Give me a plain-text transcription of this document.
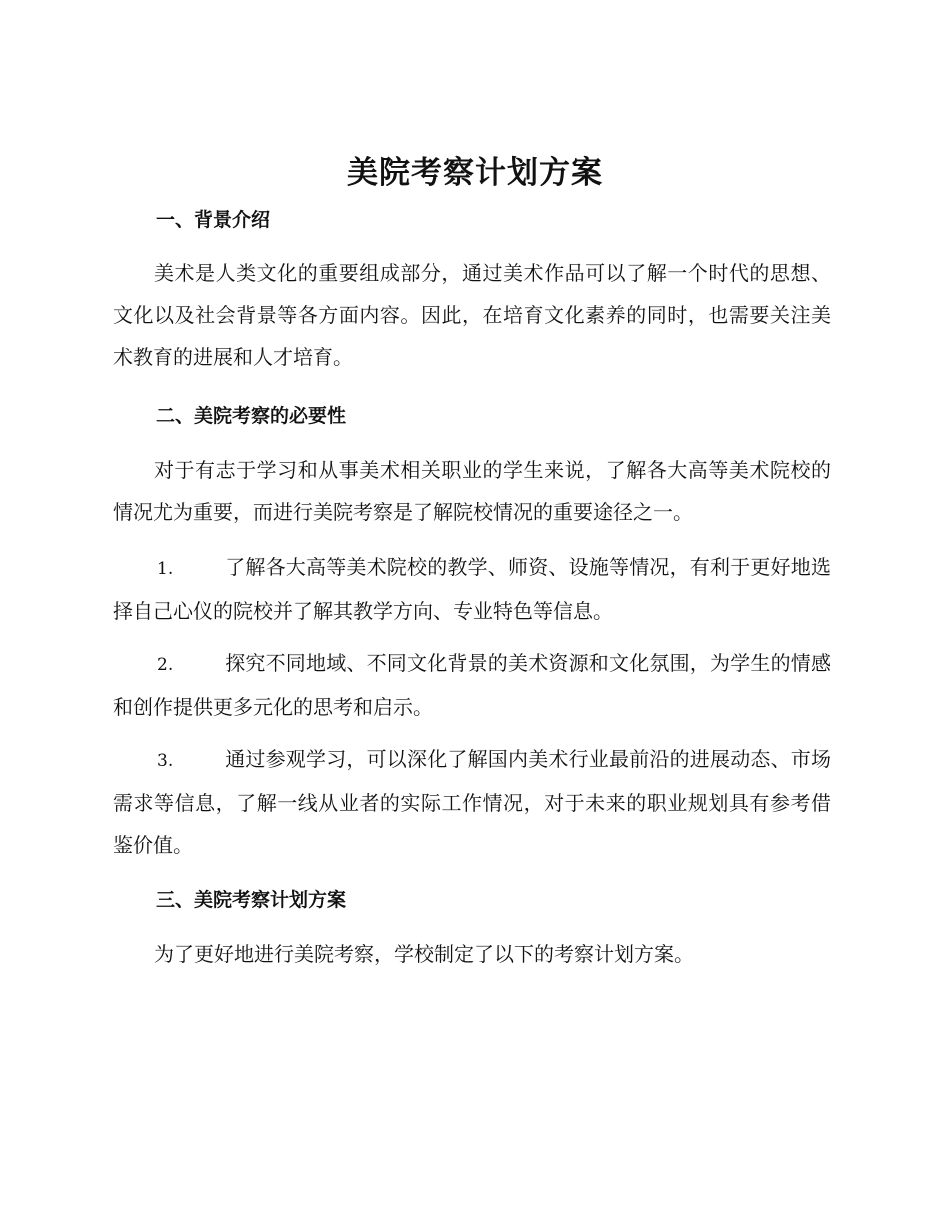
美院考察计划方案
一、背景介绍

美术是人类文化的重要组成部分，通过美术作品可以了解一个时代的思想、文化以及社会背景等各方面内容。因此，在培育文化素养的同时，也需要关注美术教育的进展和人才培育。

二、美院考察的必要性

对于有志于学习和从事美术相关职业的学生来说，了解各大高等美术院校的情况尤为重要，而进行美院考察是了解院校情况的重要途径之一。

1.	了解各大高等美术院校的教学、师资、设施等情况，有利于更好地选择自己心仪的院校并了解其教学方向、专业特色等信息。

2.	探究不同地域、不同文化背景的美术资源和文化氛围，为学生的情感和创作提供更多元化的思考和启示。

3.	通过参观学习，可以深化了解国内美术行业最前沿的进展动态、市场需求等信息，了解一线从业者的实际工作情况，对于未来的职业规划具有参考借鉴价值。

三、美院考察计划方案

为了更好地进行美院考察，学校制定了以下的考察计划方案。
